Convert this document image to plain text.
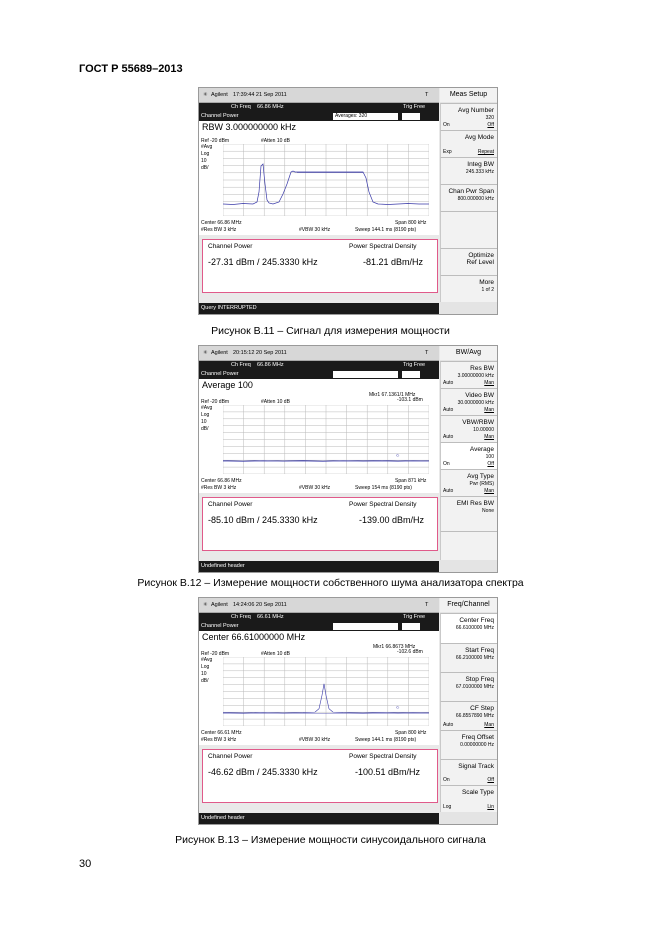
ГОСТ Р 55689–2013
✳ Agilent 17:39:44 21 Sep 2011	T
Ch Freq 66.86 MHz	Trig Free
Channel Power	Averages: 320
RBW 3.000000000 kHz
Ref -20 dBm	#Atten 10 dB
#Avg
Log
10
dB/
Center 66.86 MHz	Span 800 kHz
#Res BW 3 kHz	#VBW 30 kHz	Sweep 144.1 ms (8190 pts)
Channel Power	Power Spectral Density
-27.31 dBm / 245.3330 kHz	-81.21 dBm/Hz
Query INTERRUPTED
Meas Setup
Avg Number
320
On	Off
Avg Mode
Exp	Repeat
Integ BW
245.333 kHz
Chan Pwr Span
800.000000 kHz
Optimize
Ref Level
More
1 of 2
Рисунок В.11 – Сигнал для измерения мощности
✳ Agilent 20:15:12 20 Sep 2011	T
Ch Freq 66.86 MHz	Trig Free
Channel Power
Average 100
Mkr1 67.1361/1 MHz
-103.1 dBm
Ref -20 dBm	#Atten 10 dB
#Avg
Log
10
dB/
◇
Center 66.86 MHz	Span 871 kHz
#Res BW 3 kHz	#VBW 30 kHz	Sweep 154 ms (8190 pts)
Channel Power	Power Spectral Density
-85.10 dBm / 245.3330 kHz	-139.00 dBm/Hz
Undefined header
BW/Avg
Res BW
3.00000000 kHz
Auto	Man
Video BW
30.0000000 kHz
Auto	Man
VBW/RBW
10.00000
Auto	Man
Average
100
On	Off
Avg Type
Pwr (RMS)
Auto	Man
EMI Res BW
None
Рисунок В.12 – Измерение мощности собственного шума анализатора спектра
✳ Agilent 14:24:06 20 Sep 2011	T
Ch Freq 66.61 MHz	Trig Free
Channel Power
Center 66.61000000 MHz
Mkr1 66.8673 MHz
-102.6 dBm
Ref -20 dBm	#Atten 10 dB
#Avg
Log
10
dB/
◇
Center 66.61 MHz	Span 800 kHz
#Res BW 3 kHz	#VBW 30 kHz	Sweep 144.1 ms (8190 pts)
Channel Power	Power Spectral Density
-46.62 dBm / 245.3330 kHz	-100.51 dBm/Hz
Undefined header
Freq/Channel
Center Freq
66.6100000 MHz
Start Freq
66.2100000 MHz
Stop Freq
67.0100000 MHz
CF Step
66.8557890 MHz
Auto	Man
Freq Offset
0.00000000 Hz
Signal Track
On	Off
Scale Type
Log	Lin
Рисунок В.13 – Измерение мощности синусоидального сигнала
30
